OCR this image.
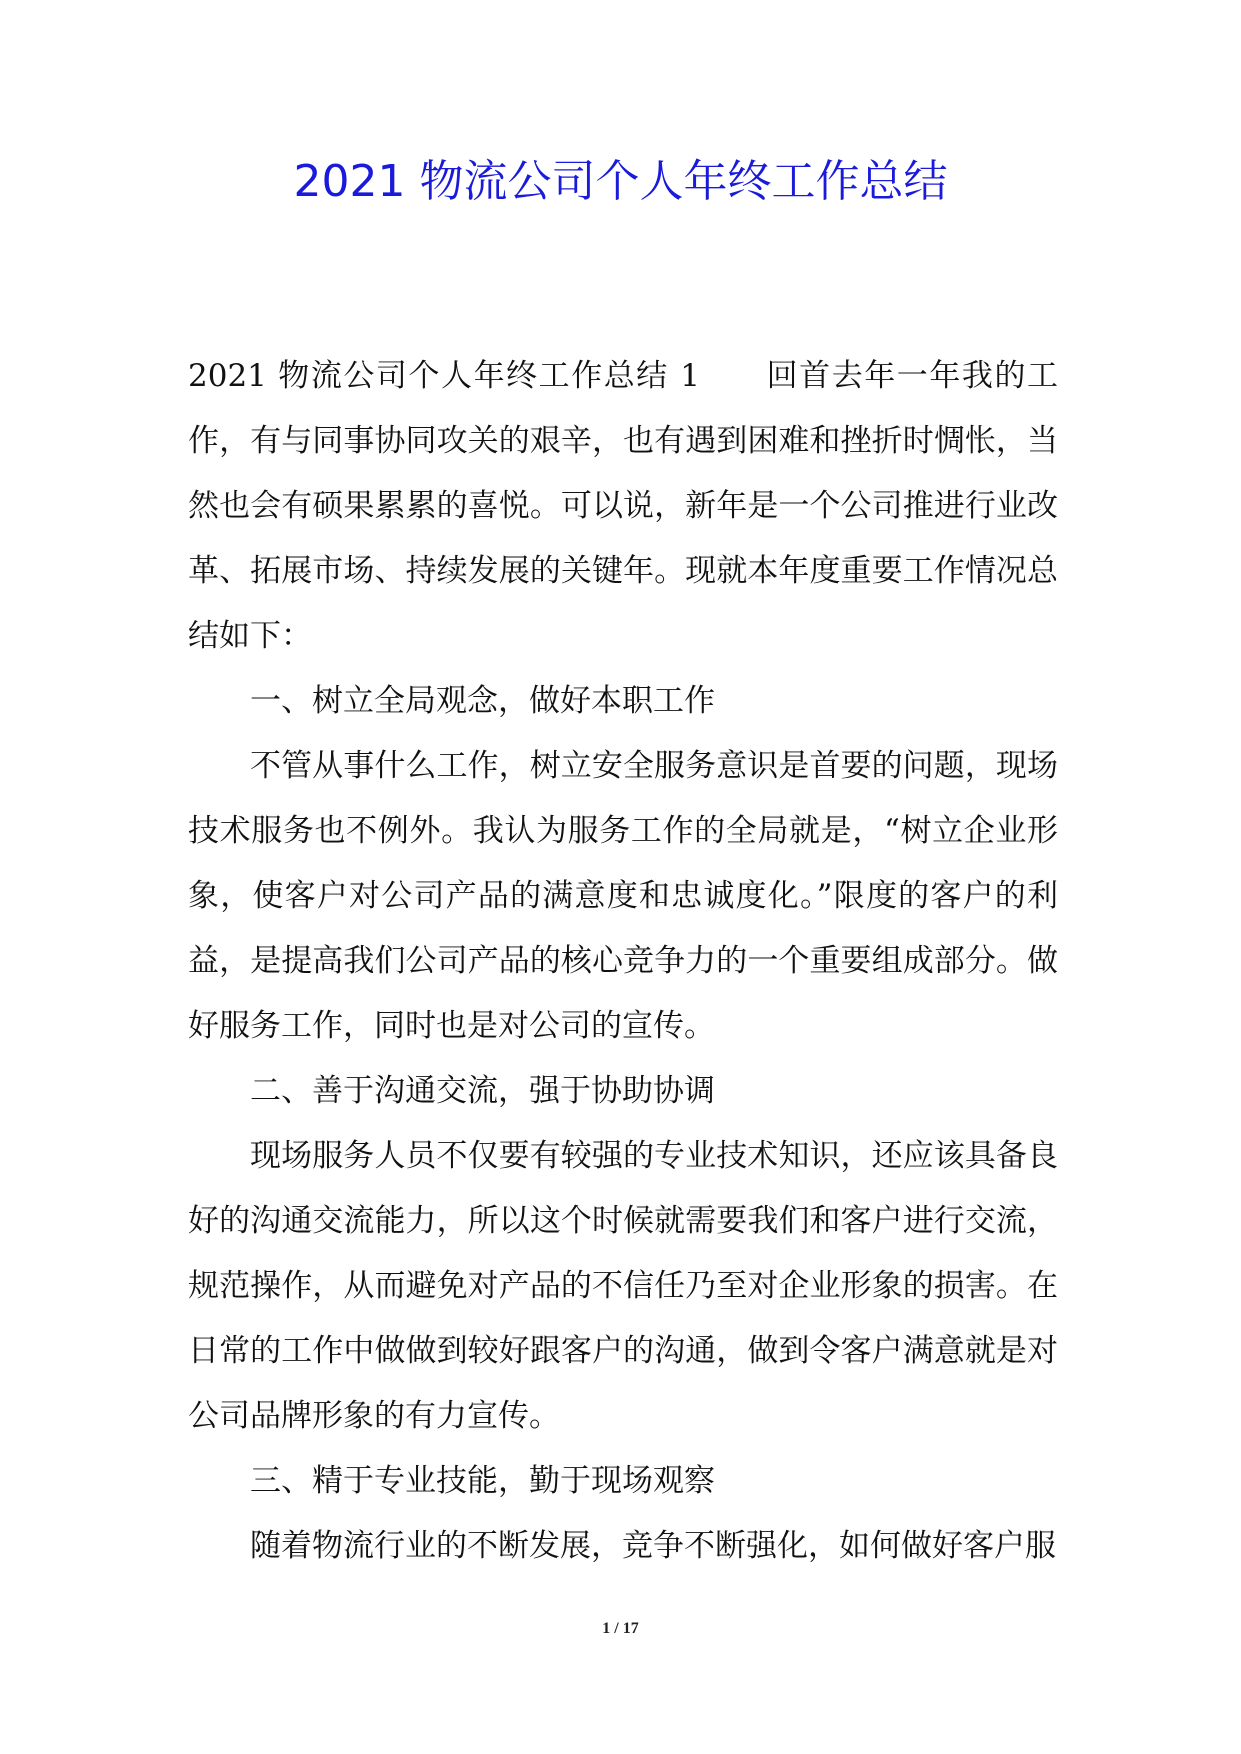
2021 物流公司个人年终工作总结

2021 物流公司个人年终工作总结 1　　回首去年一年我的工作，有与同事协同攻关的艰辛，也有遇到困难和挫折时惆怅，当然也会有硕果累累的喜悦。可以说，新年是一个公司推进行业改革、拓展市场、持续发展的关键年。现就本年度重要工作情况总结如下：

一、树立全局观念，做好本职工作

不管从事什么工作，树立安全服务意识是首要的问题，现场技术服务也不例外。我认为服务工作的全局就是，“树立企业形象，使客户对公司产品的满意度和忠诚度化。”限度的客户的利益，是提高我们公司产品的核心竞争力的一个重要组成部分。做好服务工作，同时也是对公司的宣传。

二、善于沟通交流，强于协助协调

现场服务人员不仅要有较强的专业技术知识，还应该具备良好的沟通交流能力，所以这个时候就需要我们和客户进行交流，规范操作，从而避免对产品的不信任乃至对企业形象的损害。在日常的工作中做做到较好跟客户的沟通，做到令客户满意就是对公司品牌形象的有力宣传。

三、精于专业技能，勤于现场观察

随着物流行业的不断发展，竞争不断强化，如何做好客户服

1 / 17
